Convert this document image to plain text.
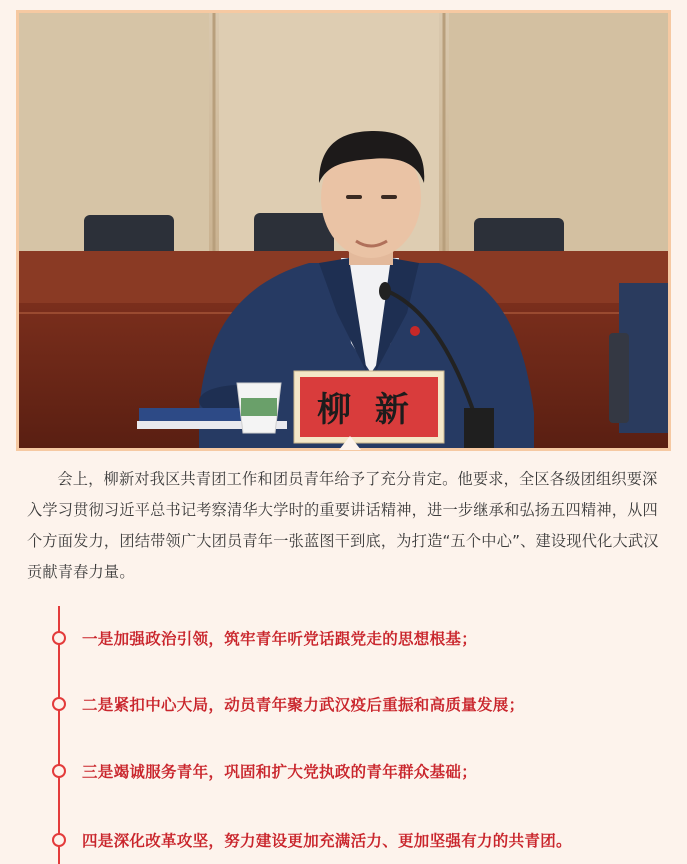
柳 新

会上，柳新对我区共青团工作和团员青年给予了充分肯定。他要求，全区各级团组织要深入学习贯彻习近平总书记考察清华大学时的重要讲话精神，进一步继承和弘扬五四精神，从四个方面发力，团结带领广大团员青年一张蓝图干到底，为打造“五个中心”、建设现代化大武汉贡献青春力量。

一是加强政治引领，筑牢青年听党话跟党走的思想根基；
二是紧扣中心大局，动员青年聚力武汉疫后重振和高质量发展；
三是竭诚服务青年，巩固和扩大党执政的青年群众基础；
四是深化改革攻坚，努力建设更加充满活力、更加坚强有力的共青团。
